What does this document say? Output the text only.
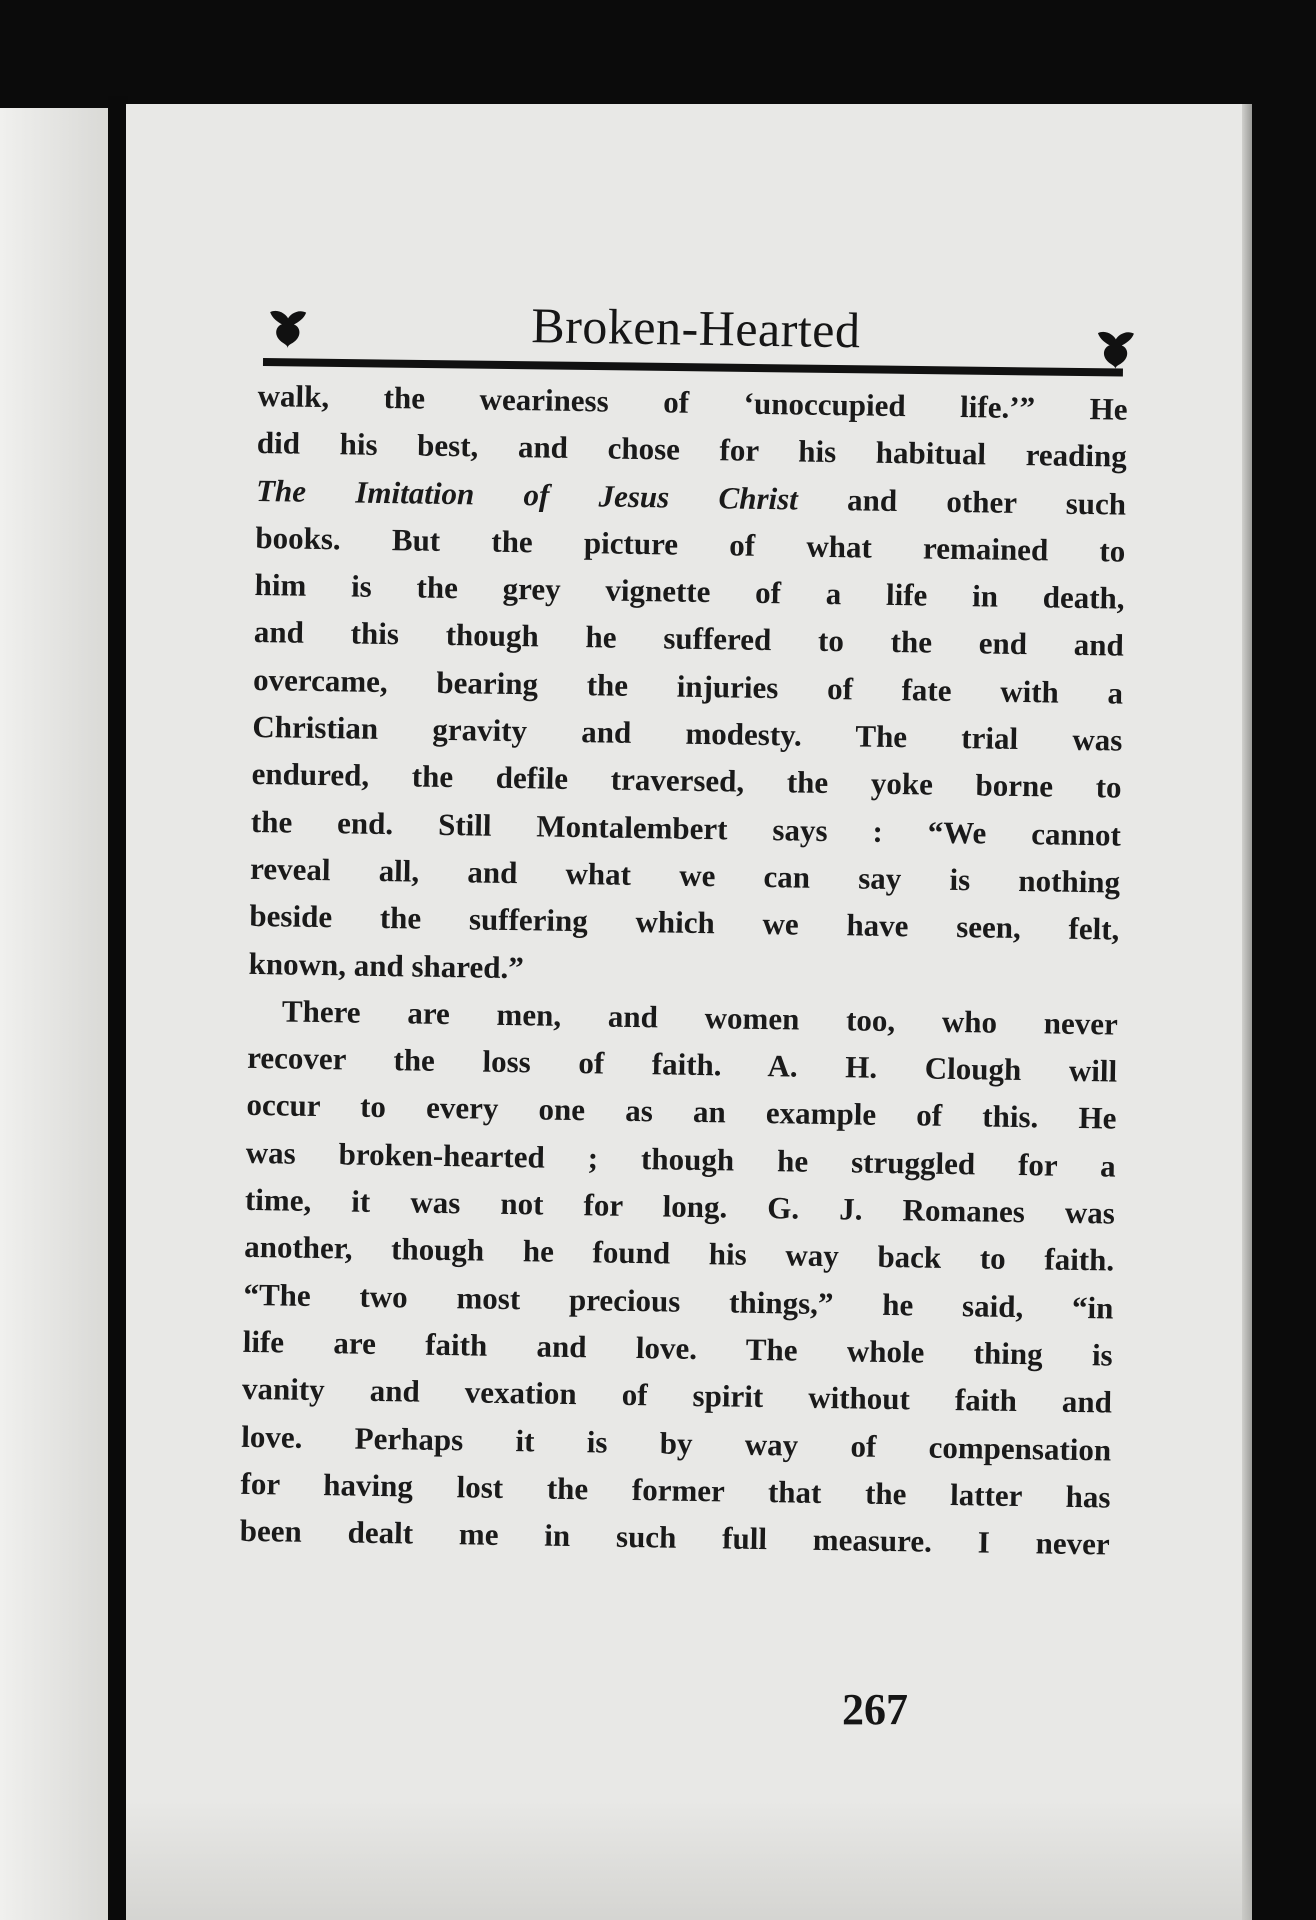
Broken-Hearted
walk, the weariness of ‘unoccupied life.’” He
did his best, and chose for his habitual reading
The Imitation of Jesus Christ and other such
books. But the picture of what remained to
him is the grey vignette of a life in death,
and this though he suffered to the end and
overcame, bearing the injuries of fate with a
Christian gravity and modesty. The trial was
endured, the defile traversed, the yoke borne to
the end. Still Montalembert says : “We cannot
reveal all, and what we can say is nothing
beside the suffering which we have seen, felt,
known, and shared.”
There are men, and women too, who never
recover the loss of faith. A. H. Clough will
occur to every one as an example of this. He
was broken-hearted ; though he struggled for a
time, it was not for long. G. J. Romanes was
another, though he found his way back to faith.
“The two most precious things,” he said, “in
life are faith and love. The whole thing is
vanity and vexation of spirit without faith and
love. Perhaps it is by way of compensation
for having lost the former that the latter has
been dealt me in such full measure. I never
267
